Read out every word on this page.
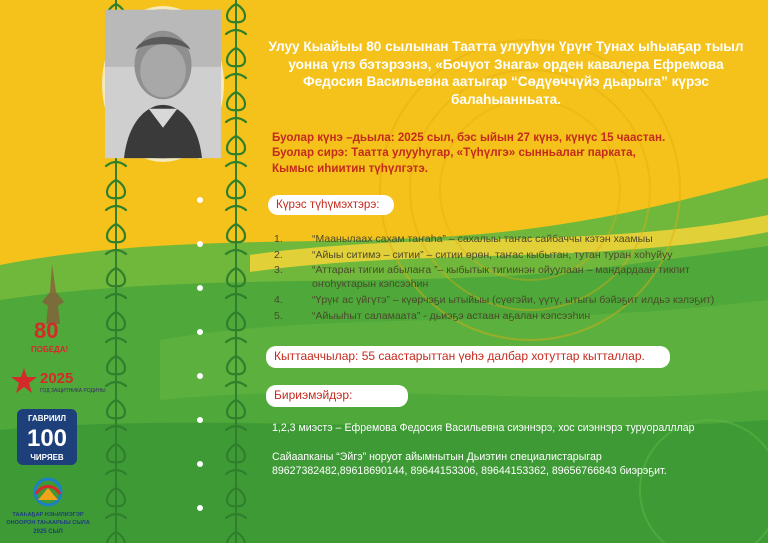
80
ПОБЕДА!
2025
ГОД ЗАЩИТНИКА РОДИНЫ
ГАВРИИЛ
100
ЧИРЯЕВ
ТААҺАҔАР НЭҺИЛИЭГЭР
ОНООРОН ТАҺААРЫЫ СЫЛА
2025 СЫЛ
Улуу Кыайыы 80 сылынан Таатта улууһун Үрүҥ Тунах ыһыаҕар тыыл уонна үлэ бэтэрээнэ, «Бочуот Знага» орден кавалера Ефремова Федосия Васильевна аатыгар “Сөдүөччүйэ дьарыга” күрэс балаһыанньата.
Буолар күнэ –дьыла: 2025 сыл, бэс ыйын 27 күнэ, күнүс 15 чаастан.
Буолар сирэ: Таатта улууһугар, «Түһүлгэ» сынньалаҥ паркатa,
Кымыс иһиитин түһүлгэтэ.
Күрэс түһүмэхтэрэ:
1.	“Маанылаах сахам таҥаһа” – сахалыы таҥас сайбаччы кэтэн хаамыы
2.	“Айыы ситимэ – ситии” – ситии өрөн, таҥас кыбытан, тутан туран хоһуйуу
3.	“Аттаран тигии абылаҥа ”– кыбытык тигиинэн ойуулаан – мандардаан тикпит оҥоһуктарын кэпсээһин
4.	“Үрүҥ ас үйгүтэ” – күөрчэҕи ытыйыы (сүөгэйи, үүтү, ытыгы бэйэҕит илдьэ кэлэҕит)
5.	“Айыыһыт саламаата” - дьиэҕэ астаан аҕалан кэпсээһин
Кыттааччылар: 55 саастарыттан үөһэ далбар хотуттар кытталлар.
Бириэмэйдэр:
1,2,3 миэстэ – Ефремова Федосия Васильевна сиэннэрэ, хос сиэннэрэ туруоралллар
Сайаапканы “Эйгэ” норуот айымнытын Дьиэтин специалистарыгар
89627382482,89618690144, 89644153306, 89644153362, 89656766843 биэрэҕит.
